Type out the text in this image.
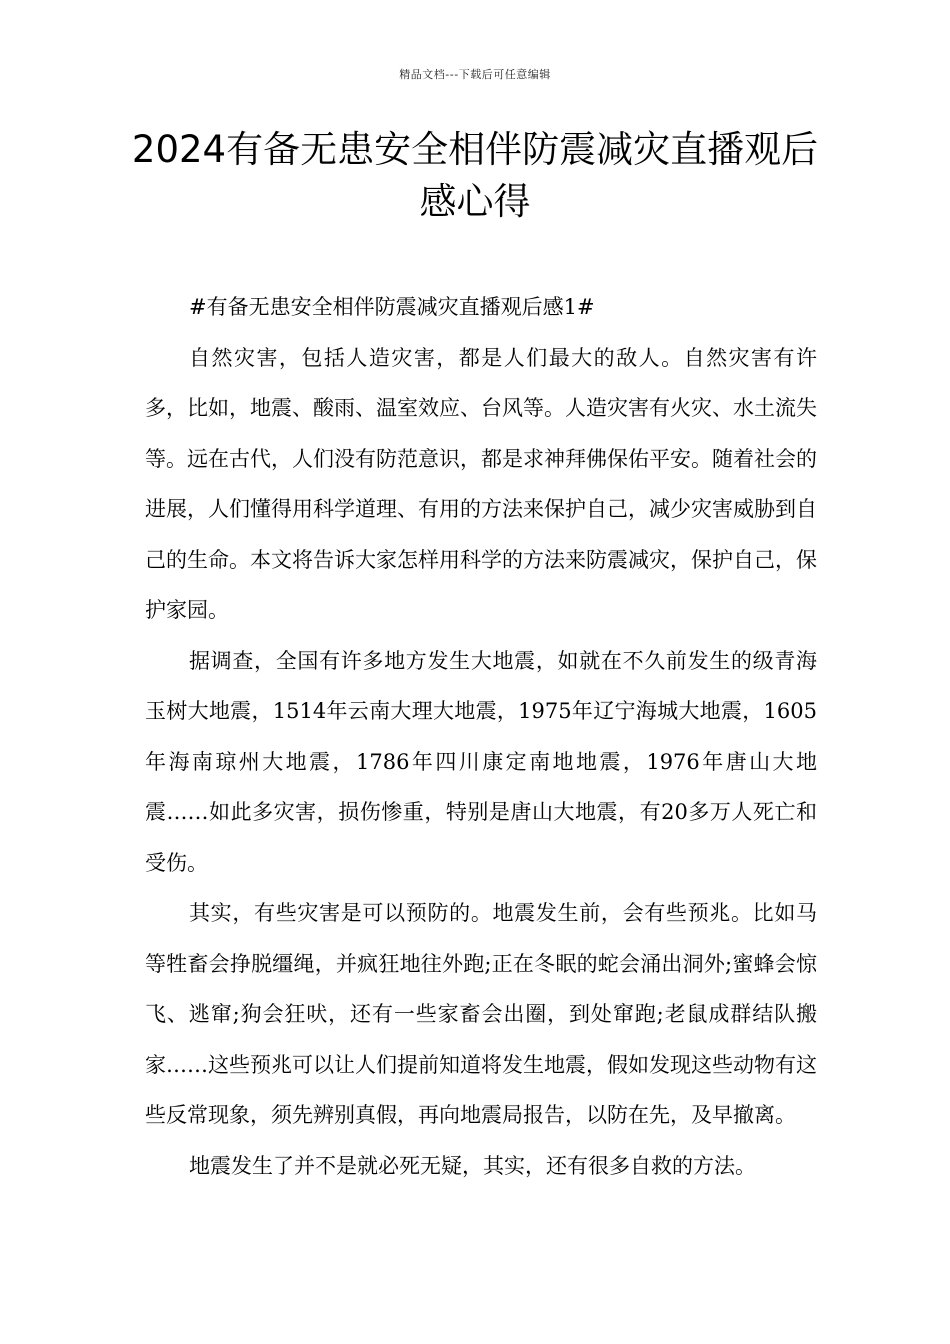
精品文档---下载后可任意编辑
2024有备无患安全相伴防震减灾直播观后感心得

#有备无患安全相伴防震减灾直播观后感1#

自然灾害，包括人造灾害，都是人们最大的敌人。自然灾害有许多，比如，地震、酸雨、温室效应、台风等。人造灾害有火灾、水土流失等。远在古代，人们没有防范意识，都是求神拜佛保佑平安。随着社会的进展，人们懂得用科学道理、有用的方法来保护自己，减少灾害威胁到自己的生命。本文将告诉大家怎样用科学的方法来防震减灾，保护自己，保护家园。

据调查，全国有许多地方发生大地震，如就在不久前发生的级青海玉树大地震，1514年云南大理大地震，1975年辽宁海城大地震，1605年海南琼州大地震，1786年四川康定南地地震，1976年唐山大地震……如此多灾害，损伤惨重，特别是唐山大地震，有20多万人死亡和受伤。

其实，有些灾害是可以预防的。地震发生前，会有些预兆。比如马等牲畜会挣脱缰绳，并疯狂地往外跑;正在冬眠的蛇会涌出洞外;蜜蜂会惊飞、逃窜;狗会狂吠，还有一些家畜会出圈，到处窜跑;老鼠成群结队搬家……这些预兆可以让人们提前知道将发生地震，假如发现这些动物有这些反常现象，须先辨别真假，再向地震局报告，以防在先，及早撤离。

地震发生了并不是就必死无疑，其实，还有很多自救的方法。
